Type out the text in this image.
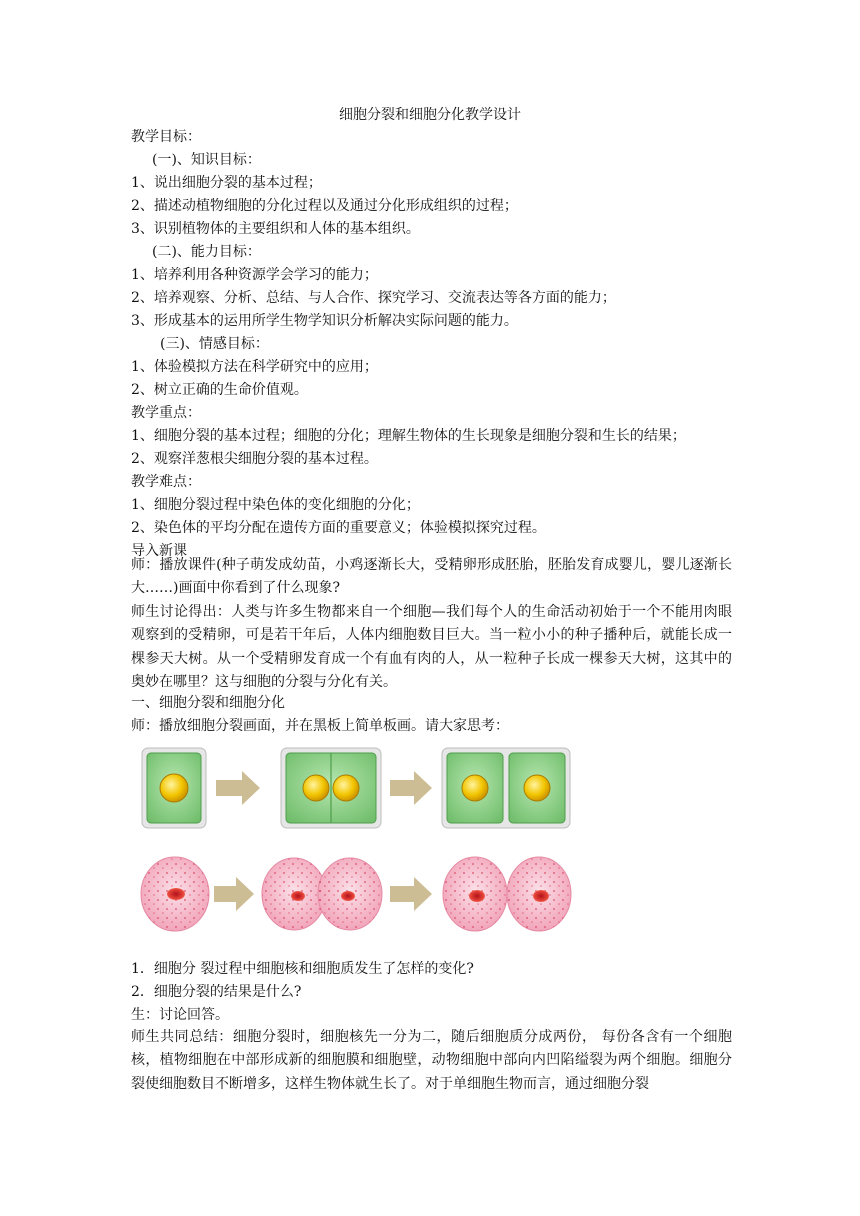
细胞分裂和细胞分化教学设计
教学目标：
(一)、知识目标：
1、说出细胞分裂的基本过程；
2、描述动植物细胞的分化过程以及通过分化形成组织的过程；
3、识别植物体的主要组织和人体的基本组织。
(二)、能力目标：
1、培养利用各种资源学会学习的能力；
2、培养观察、分析、总结、与人合作、探究学习、交流表达等各方面的能力；
3、形成基本的运用所学生物学知识分析解决实际问题的能力。
(三)、情感目标：
1、体验模拟方法在科学研究中的应用；
2、树立正确的生命价值观。
教学重点：
1、细胞分裂的基本过程；细胞的分化；理解生物体的生长现象是细胞分裂和生长的结果；
2、观察洋葱根尖细胞分裂的基本过程。
教学难点：
1、细胞分裂过程中染色体的变化细胞的分化；
2、染色体的平均分配在遗传方面的重要意义；体验模拟探究过程。
导入新课
师：播放课件(种子萌发成幼苗，小鸡逐渐长大，受精卵形成胚胎，胚胎发育成婴儿，婴儿逐渐长大……)画面中你看到了什么现象?
师生讨论得出：人类与许多生物都来自一个细胞—我们每个人的生命活动初始于一个不能用肉眼观察到的受精卵，可是若干年后，人体内细胞数目巨大。当一粒小小的种子播种后，就能长成一棵参天大树。从一个受精卵发育成一个有血有肉的人，从一粒种子长成一棵参天大树，这其中的奥妙在哪里？这与细胞的分裂与分化有关。
一、细胞分裂和细胞分化
师：播放细胞分裂画面，并在黑板上简单板画。请大家思考：
1．细胞分 裂过程中细胞核和细胞质发生了怎样的变化?
2．细胞分裂的结果是什么?
生：讨论回答。
师生共同总结：细胞分裂时，细胞核先一分为二，随后细胞质分成两份， 每份各含有一个细胞核，植物细胞在中部形成新的细胞膜和细胞壁，动物细胞中部向内凹陷缢裂为两个细胞。细胞分裂使细胞数目不断增多，这样生物体就生长了。对于单细胞生物而言，通过细胞分裂
